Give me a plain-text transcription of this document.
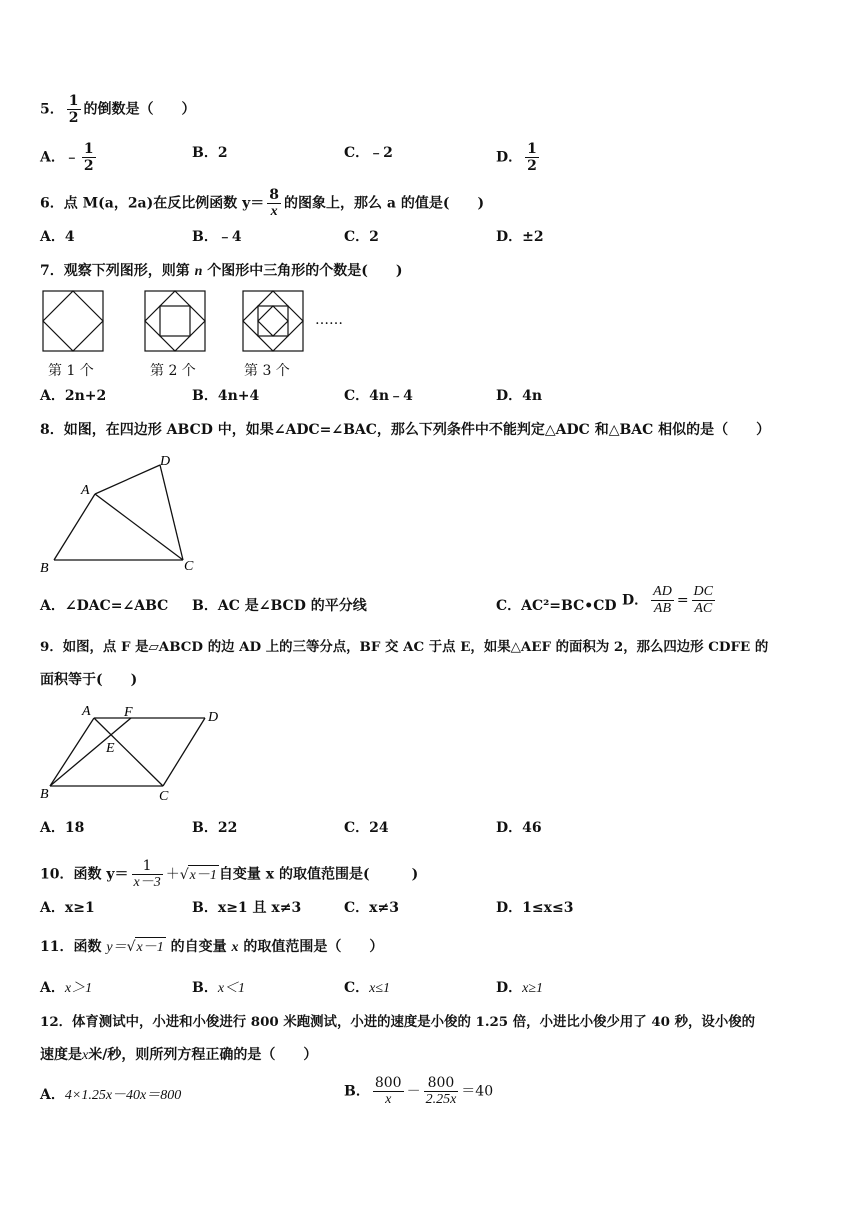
5． $\frac{1}{2}$ 的倒数是（　　）
A．﹣ $\frac{1}{2}$	B．2	C．﹣2	D． $\frac{1}{2}$
6．点 M(a，2a)在反比例函数 $y= \frac{8}{x}$ 的图象上，那么 a 的值是(　　)
A．4	B．﹣4	C．2	D．±2
7．观察下列图形，则第 n 个图形中三角形的个数是(　　)
……
第 1 个	第 2 个	第 3 个
A．2n+2	B．4n+4	C．4n﹣4	D．4n
8．如图，在四边形 ABCD 中，如果∠ADC=∠BAC，那么下列条件中不能判定△ADC 和△BAC 相似的是（　　）
A
D
B	C
A．∠DAC=∠ABC B．AC 是∠BCD 的平分线	C．AC²=BC•CD D． $\frac{AD}{AB} = \frac{DC}{AC}$
9．如图，点 F 是▱ABCD 的边 AD 上的三等分点，BF 交 AC 于点 E，如果△AEF 的面积为 2，那么四边形 CDFE 的
面积等于(　　)
A F	D
E
B	C
A．18	B．22	C．24	D．46
10．函数 $y= \frac{1}{x-3} +√x-1$ 自变量 x 的取值范围是(　　　)
A．x≥1	B．x≥1 且 x≠3	C．x≠3	D．1≤x≤3
11．函数 y＝√x－1 的自变量 x 的取值范围是（　　）
A．x＞1	B．x＜1	C．x≤1	D．x≥1
12．体育测试中，小进和小俊进行 800 米跑测试，小进的速度是小俊的 1.25 倍，小进比小俊少用了 40 秒，设小俊的
速度是x米/秒，则所列方程正确的是（　　）
A．4×1.25x－40x＝800	B． $\frac{800}{x} - \frac{800}{2.25x} =40$
